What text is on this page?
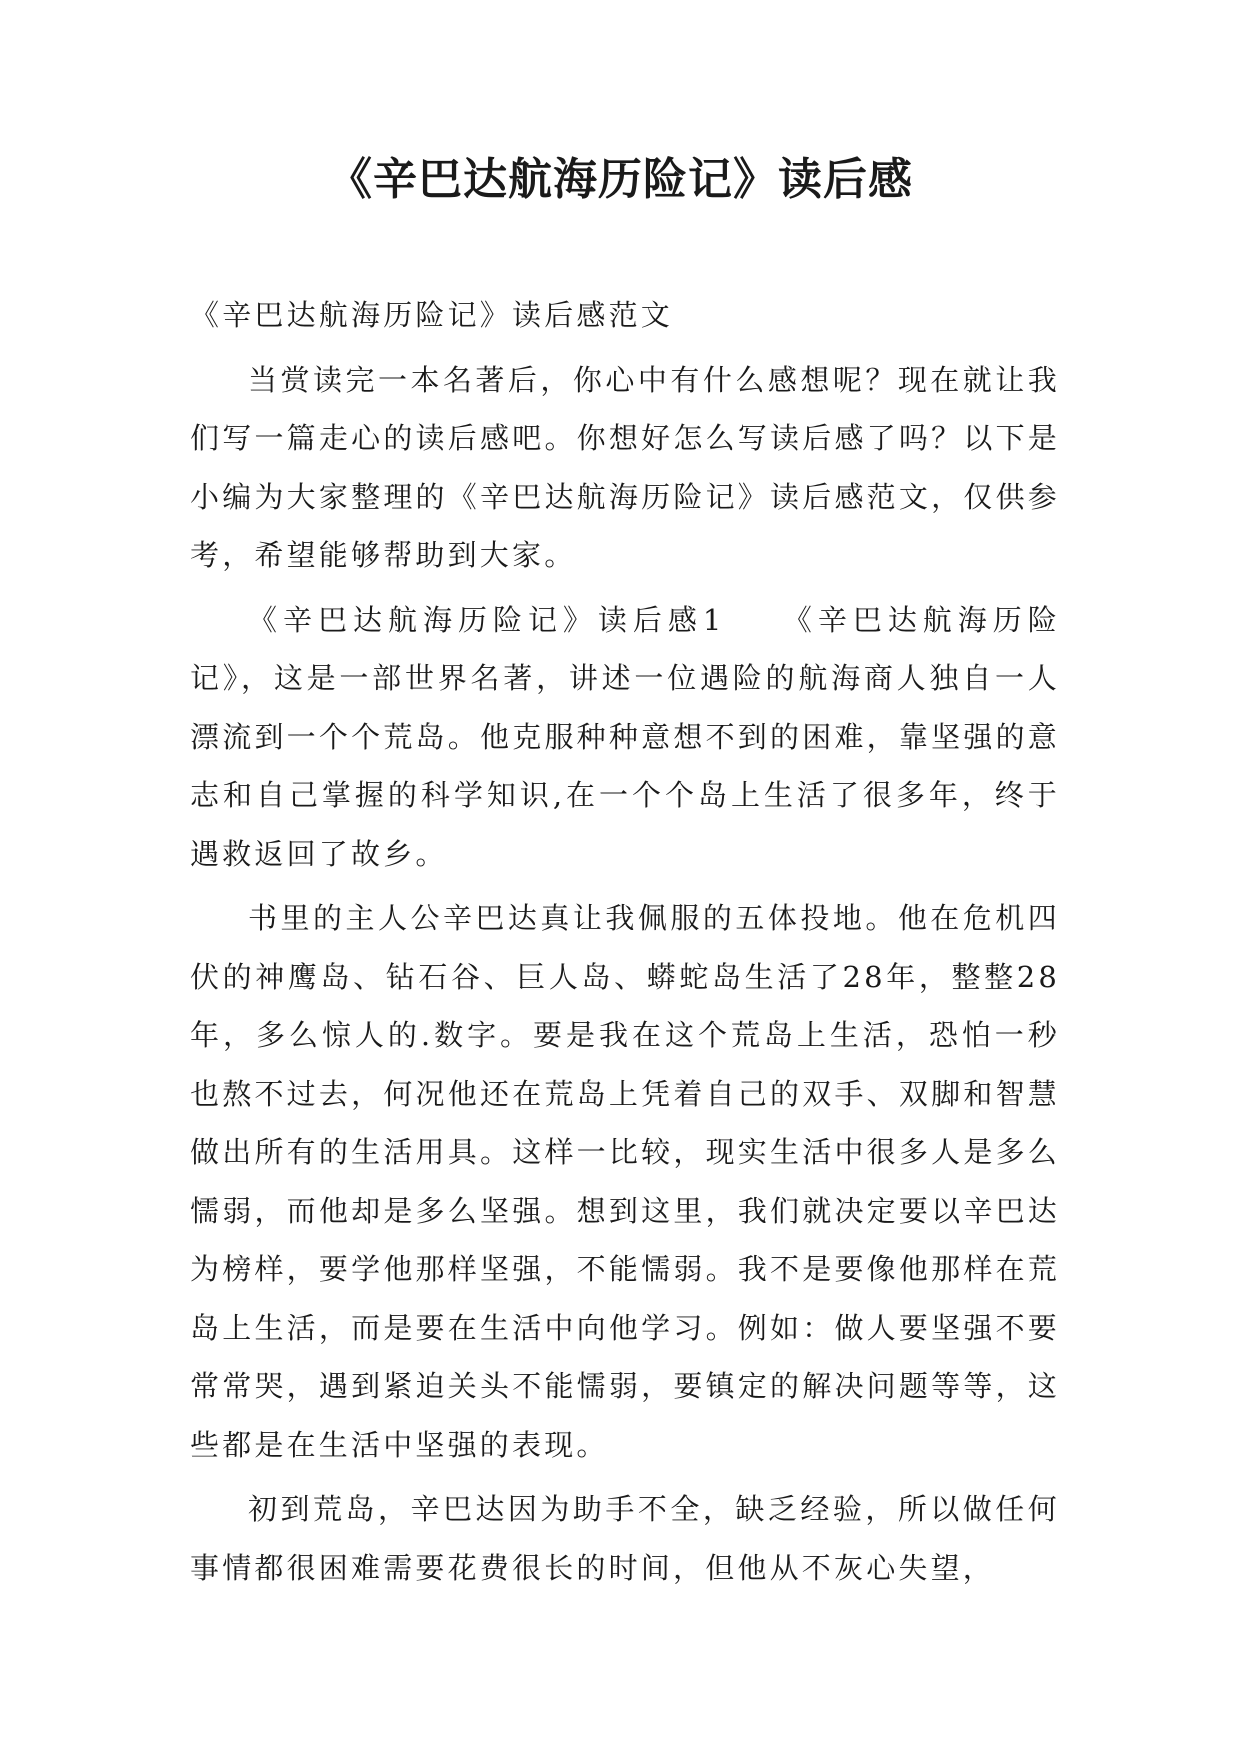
《辛巴达航海历险记》读后感

《辛巴达航海历险记》读后感范文

当赏读完一本名著后，你心中有什么感想呢？现在就让我们写一篇走心的读后感吧。你想好怎么写读后感了吗？以下是小编为大家整理的《辛巴达航海历险记》读后感范文，仅供参考，希望能够帮助到大家。

《辛巴达航海历险记》读后感1　　《辛巴达航海历险记》，这是一部世界名著，讲述一位遇险的航海商人独自一人漂流到一个个荒岛。他克服种种意想不到的困难，靠坚强的意志和自己掌握的科学知识,在一个个岛上生活了很多年，终于遇救返回了故乡。

书里的主人公辛巴达真让我佩服的五体投地。他在危机四伏的神鹰岛、钻石谷、巨人岛、蟒蛇岛生活了28年，整整28年，多么惊人的.数字。要是我在这个荒岛上生活，恐怕一秒也熬不过去，何况他还在荒岛上凭着自己的双手、双脚和智慧做出所有的生活用具。这样一比较，现实生活中很多人是多么懦弱，而他却是多么坚强。想到这里，我们就决定要以辛巴达为榜样，要学他那样坚强，不能懦弱。我不是要像他那样在荒岛上生活，而是要在生活中向他学习。例如：做人要坚强不要常常哭，遇到紧迫关头不能懦弱，要镇定的解决问题等等，这些都是在生活中坚强的表现。

初到荒岛，辛巴达因为助手不全，缺乏经验，所以做任何事情都很困难需要花费很长的时间，但他从不灰心失望，
